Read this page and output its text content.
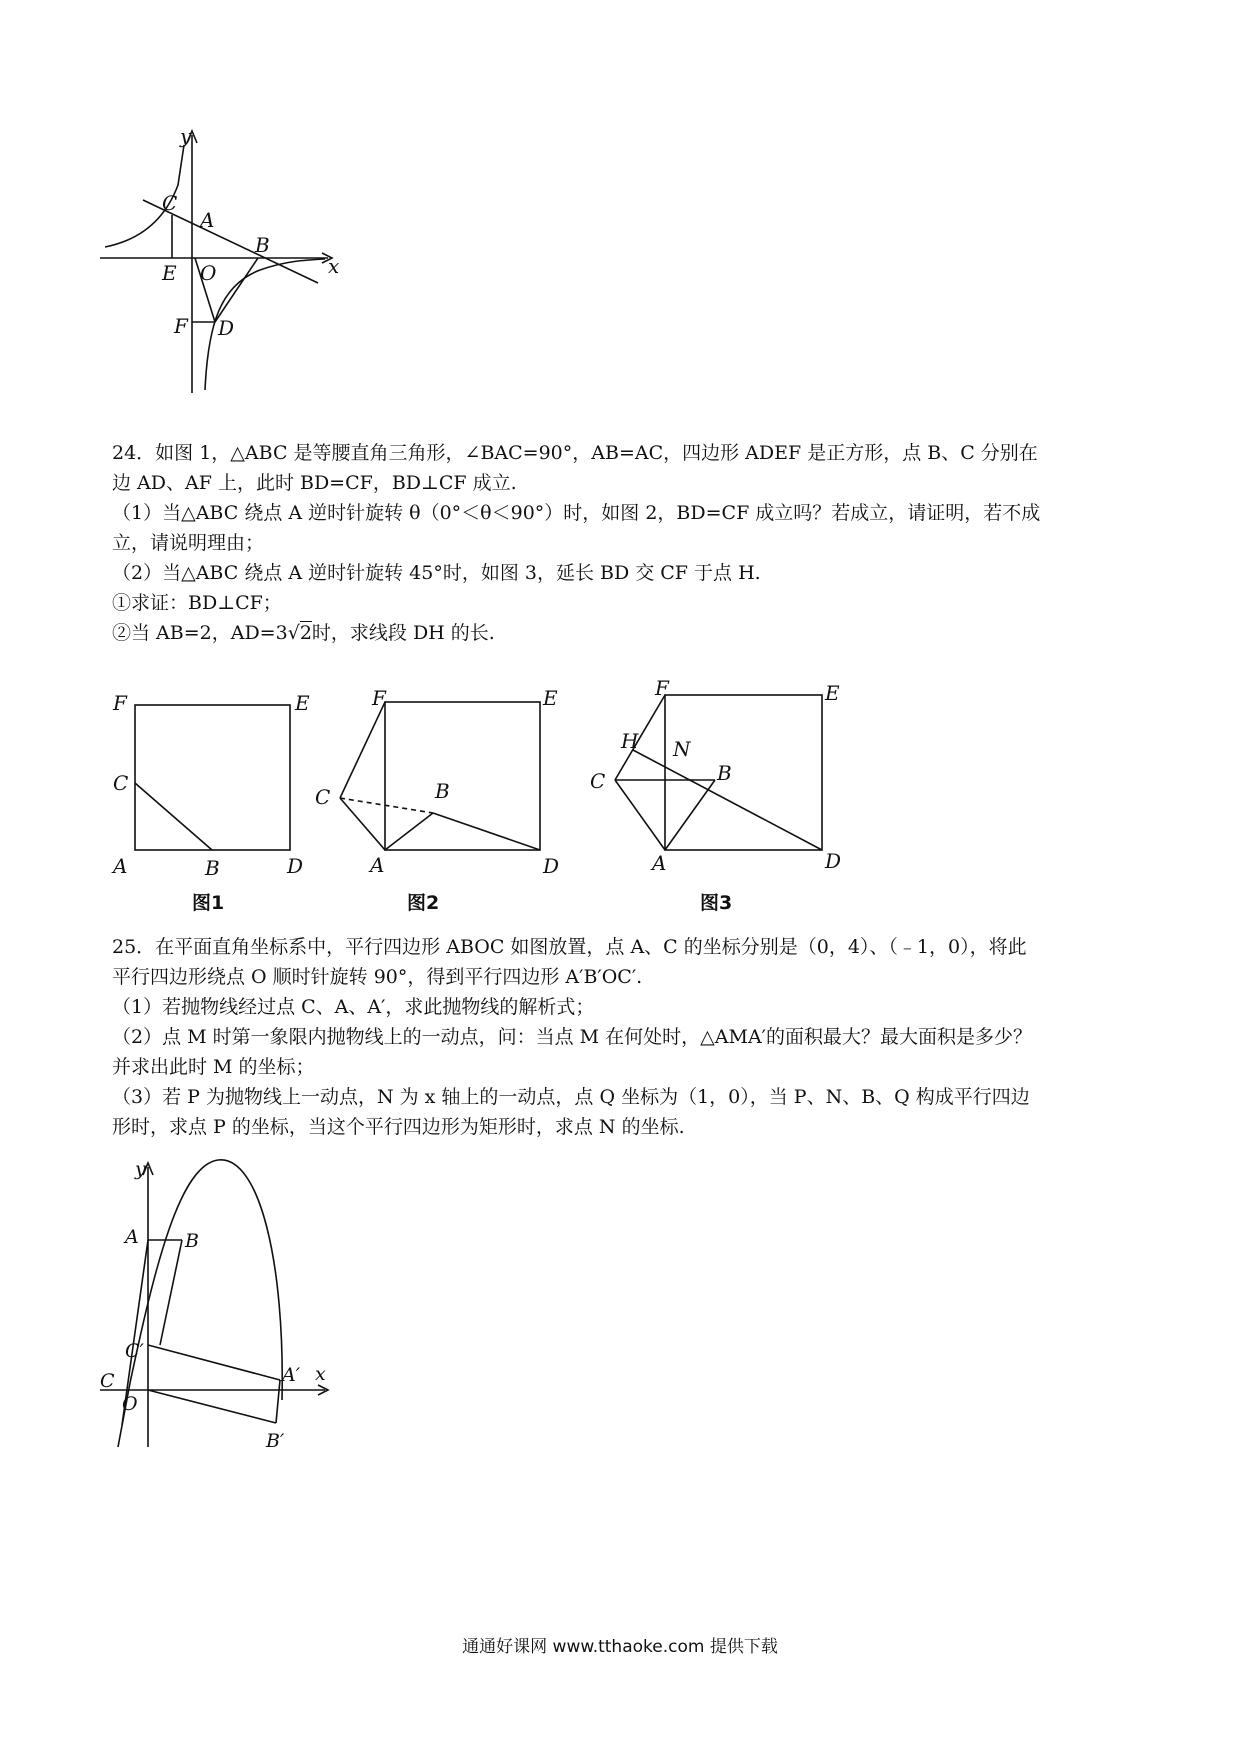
y
x
C
A
B
E O
F D
24．如图 1，△ABC 是等腰直角三角形，∠BAC=90°，AB=AC，四边形 ADEF 是正方形，点 B、C 分别在
边 AD、AF 上，此时 BD=CF，BD⊥CF 成立.
（1）当△ABC 绕点 A 逆时针旋转 θ（0°＜θ＜90°）时，如图 2，BD=CF 成立吗？若成立，请证明，若不成
立，请说明理由；
（2）当△ABC 绕点 A 逆时针旋转 45°时，如图 3，延长 BD 交 CF 于点 H.
①求证：BD⊥CF；
②当 AB=2，AD=3√2时，求线段 DH 的长.
F	E
C
A	B	D
图1
F	E
C	B
A	D
图2
F	E
H N
C	B
A	D
图3
25．在平面直角坐标系中，平行四边形 ABOC 如图放置，点 A、C 的坐标分别是（0，4）、（﹣1，0），将此
平行四边形绕点 O 顺时针旋转 90°，得到平行四边形 A′B′OC′.
（1）若抛物线经过点 C、A、A′，求此抛物线的解析式；
（2）点 M 时第一象限内抛物线上的一动点，问：当点 M 在何处时，△AMA′的面积最大？最大面积是多少？
并求出此时 M 的坐标；
（3）若 P 为抛物线上一动点，N 为 x 轴上的一动点，点 Q 坐标为（1，0），当 P、N、B、Q 构成平行四边
形时，求点 P 的坐标，当这个平行四边形为矩形时，求点 N 的坐标.
y
x
A B
C′
C
O
A′
B′
通通好课网 www.tthaoke.com 提供下载
